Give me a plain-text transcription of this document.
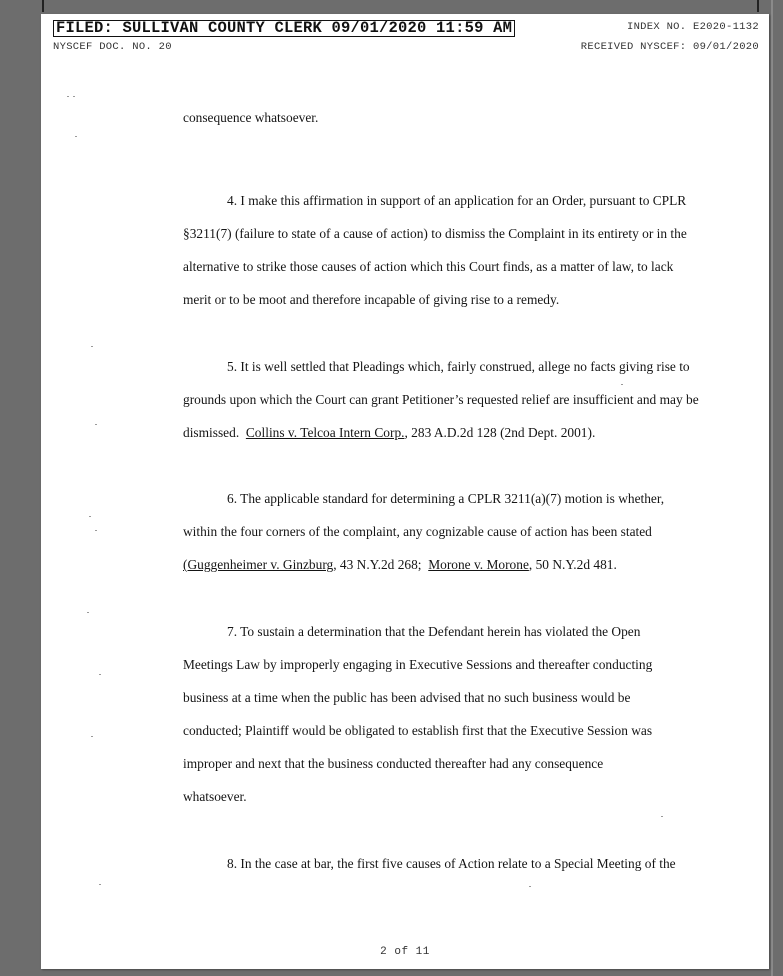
FILED: SULLIVAN COUNTY CLERK 09/01/2020 11:59 AM
NYSCEF DOC. NO. 20
INDEX NO. E2020-1132
RECEIVED NYSCEF: 09/01/2020
consequence whatsoever.
4. I make this affirmation in support of an application for an Order, pursuant to CPLR
§3211(7) (failure to state of a cause of action) to dismiss the Complaint in its entirety or in the
alternative to strike those causes of action which this Court finds, as a matter of law, to lack
merit or to be moot and therefore incapable of giving rise to a remedy.
5. It is well settled that Pleadings which, fairly construed, allege no facts giving rise to
grounds upon which the Court can grant Petitioner’s requested relief are insufficient and may be
dismissed. Collins v. Telcoa Intern Corp., 283 A.D.2d 128 (2nd Dept. 2001).
6. The applicable standard for determining a CPLR 3211(a)(7) motion is whether,
within the four corners of the complaint, any cognizable cause of action has been stated
(Guggenheimer v. Ginzburg, 43 N.Y.2d 268; Morone v. Morone, 50 N.Y.2d 481.
7. To sustain a determination that the Defendant herein has violated the Open
Meetings Law by improperly engaging in Executive Sessions and thereafter conducting
business at a time when the public has been advised that no such business would be
conducted; Plaintiff would be obligated to establish first that the Executive Session was
improper and next that the business conducted thereafter had any consequence
whatsoever.
8. In the case at bar, the first five causes of Action relate to a Special Meeting of the
2 of 11
